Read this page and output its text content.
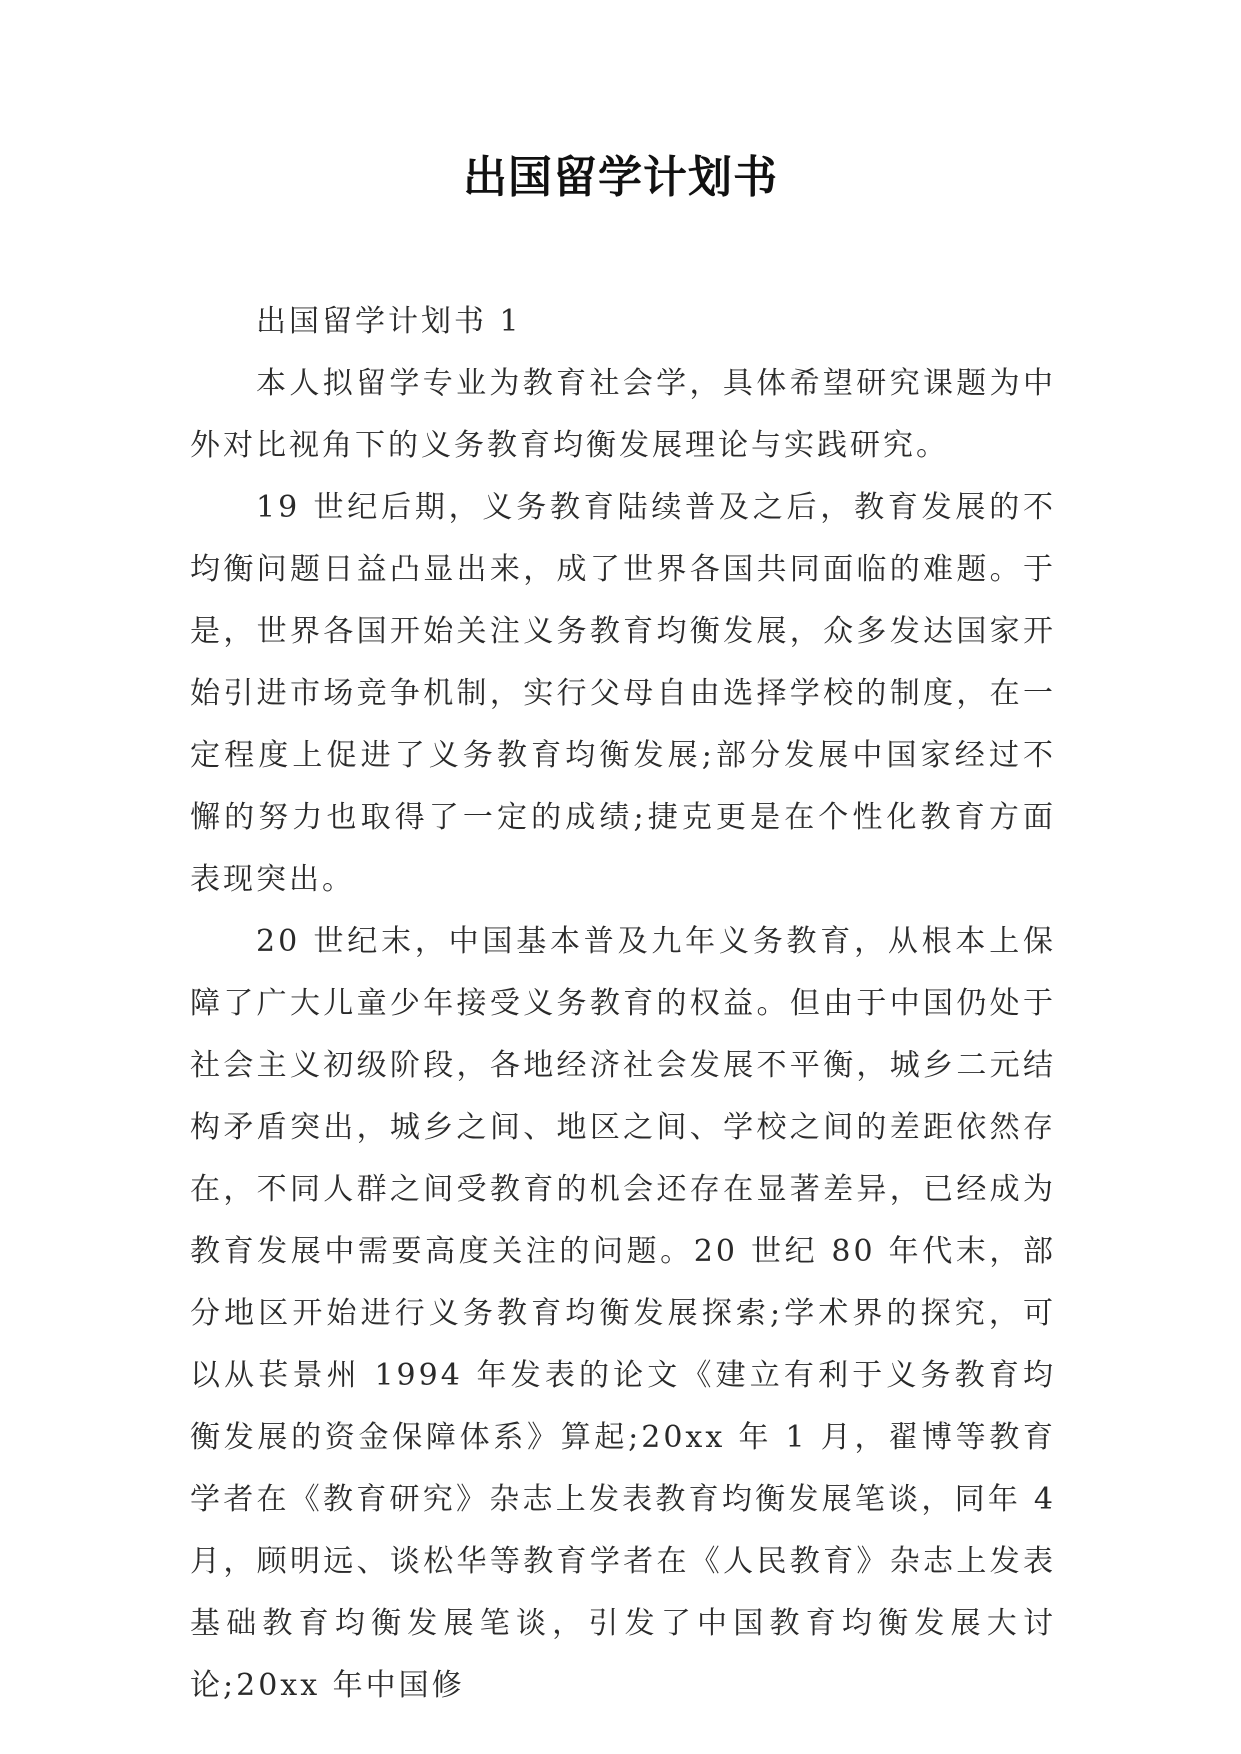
出国留学计划书

出国留学计划书 1

本人拟留学专业为教育社会学，具体希望研究课题为中外对比视角下的义务教育均衡发展理论与实践研究。

19 世纪后期，义务教育陆续普及之后，教育发展的不均衡问题日益凸显出来，成了世界各国共同面临的难题。于是，世界各国开始关注义务教育均衡发展，众多发达国家开始引进市场竞争机制，实行父母自由选择学校的制度，在一定程度上促进了义务教育均衡发展;部分发展中国家经过不懈的努力也取得了一定的成绩;捷克更是在个性化教育方面表现突出。

20 世纪末，中国基本普及九年义务教育，从根本上保障了广大儿童少年接受义务教育的权益。但由于中国仍处于社会主义初级阶段，各地经济社会发展不平衡，城乡二元结构矛盾突出，城乡之间、地区之间、学校之间的差距依然存在，不同人群之间受教育的机会还存在显著差异，已经成为教育发展中需要高度关注的问题。20 世纪 80 年代末，部分地区开始进行义务教育均衡发展探索;学术界的探究，可以从苌景州 1994 年发表的论文《建立有利于义务教育均衡发展的资金保障体系》算起;20xx 年 1 月，翟博等教育学者在《教育研究》杂志上发表教育均衡发展笔谈，同年 4 月，顾明远、谈松华等教育学者在《人民教育》杂志上发表基础教育均衡发展笔谈，引发了中国教育均衡发展大讨论;20xx 年中国修
